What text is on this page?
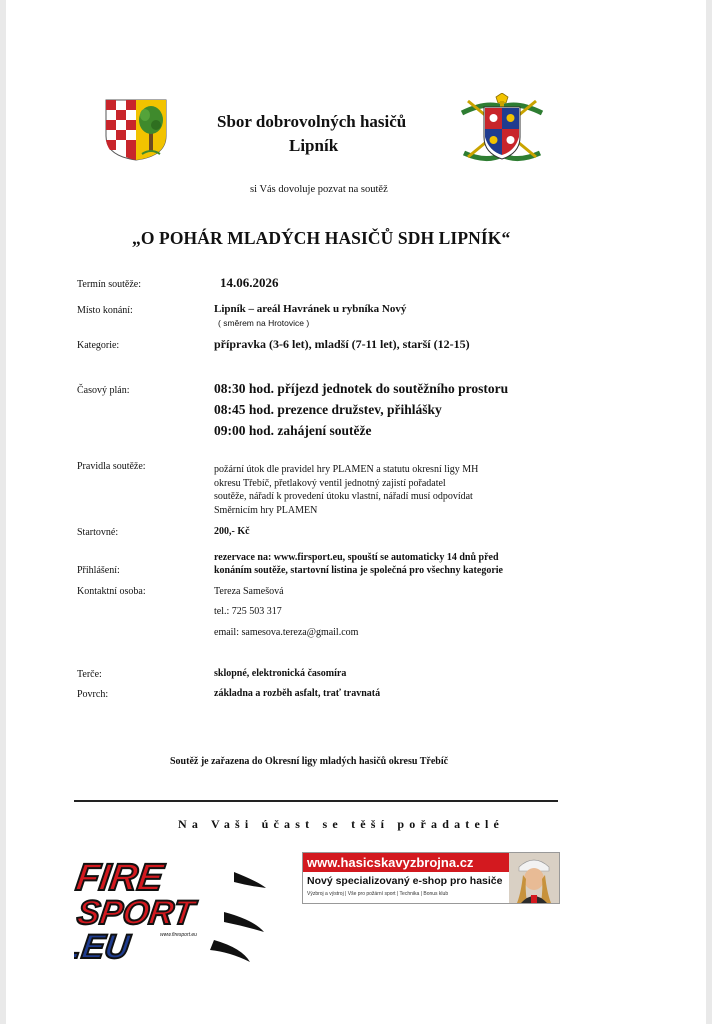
Sbor dobrovolných hasičů
Lipník
si Vás dovoluje pozvat na soutěž
„O POHÁR MLADÝCH HASIČŮ SDH LIPNÍK“
Termín soutěže:	14.06.2026
Místo konání:	Lipník – areál Havránek u rybníka Nový
( směrem na Hrotovice )
Kategorie:	přípravka (3-6 let), mladší (7-11 let), starší (12-15)
Časový plán:	08:30 hod. příjezd jednotek do soutěžního prostoru
08:45 hod. prezence družstev, přihlášky
09:00 hod. zahájení soutěže
Pravidla soutěže:	požární útok dle pravidel hry PLAMEN a statutu okresní ligy MH
okresu Třebíč, přetlakový ventil jednotný zajistí pořadatel
soutěže, nářadí k provedení útoku vlastní, nářadí musí odpovídat
Směrnicím hry PLAMEN
Startovné:	200,- Kč
Přihlášení:
rezervace na: www.firsport.eu, spouští se automaticky 14 dnů před
konáním soutěže, startovní listina je společná pro všechny kategorie
Kontaktní osoba:	Tereza Samešová
tel.: 725 503 317
email: samesova.tereza@gmail.com
Terče:	sklopné, elektronická časomíra
Povrch:	základna a rozběh asfalt, trať travnatá
Soutěž je zařazena do Okresní ligy mladých hasičů okresu Třebíč
Na Vaši účast se těší pořadatelé
FIRE
SPORT
.EU	www.firesport.eu
www.hasicskavyzbrojna.cz
Nový specializovaný e-shop pro hasiče
Výzbroj a výstroj | Vše pro požární sport | Technika | Bonus klub
